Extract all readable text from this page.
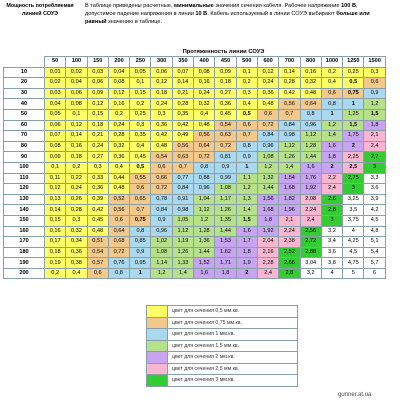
Мощность потребляемая линией СОУЭ
В таблице приведены расчетные, минимальные значения сечения кабеля. Рабочее напряжение 100 В, допустимое падение напряжения в линии 10 В. Кабель используемый в линии СОУЭ выбирают больше или равный значению в таблице.
Протяженность линии СОУЭ
	50	100	150	200	250	300	350	400	450	500	600	700	800	1000	1250	1500
10	0,01	0,02	0,03	0,04	0,05	0,06	0,07	0,08	0,09	0,1	0,12	0,14	0,16	0,2	0,25	0,3
20	0,02	0,04	0,06	0,08	0,1	0,12	0,14	0,16	0,18	0,2	0,24	0,28	0,32	0,4	0,5	0,6
30	0,03	0,06	0,09	0,12	0,15	0,18	0,21	0,24	0,27	0,3	0,36	0,42	0,48	0,6	0,75	0,9
40	0,04	0,08	0,12	0,16	0,2	0,24	0,28	0,32	0,36	0,4	0,48	0,56	0,64	0,8	1	1,2
50	0,05	0,1	0,15	0,2	0,25	0,3	0,35	0,4	0,45	0,5	0,6	0,7	0,8	1	1,25	1,5
60	0,06	0,12	0,18	0,24	0,3	0,36	0,42	0,48	0,54	0,6	0,72	0,84	0,96	1,2	1,5	1,8
70	0,07	0,14	0,21	0,28	0,35	0,42	0,49	0,56	0,63	0,7	0,84	0,98	1,12	1,4	1,75	2,1
80	0,08	0,16	0,24	0,32	0,4	0,48	0,56	0,64	0,72	0,8	0,96	1,12	1,28	1,6	2	2,4
90	0,09	0,18	0,27	0,36	0,45	0,54	0,63	0,72	0,81	0,9	1,08	1,26	1,44	1,8	2,25	2,7
100	0,1	0,2	0,3	0,4	0,5	0,6	0,7	0,8	0,9	1	1,2	1,4	1,6	2	2,5	3
110	0,11	0,22	0,33	0,44	0,55	0,66	0,77	0,88	0,99	1,1	1,32	1,54	1,76	2,2	2,75	3,3
120	0,12	0,24	0,36	0,48	0,6	0,72	0,84	0,96	1,08	1,2	1,44	1,68	1,92	2,4	3	3,6
130	0,13	0,26	0,39	0,52	0,65	0,78	0,91	1,04	1,17	1,3	1,56	1,82	2,08	2,6	3,25	3,9
140	0,14	0,28	0,42	0,56	0,7	0,84	0,98	1,12	1,26	1,4	1,68	1,96	2,24	2,8	3,5	4,2
150	0,15	0,3	0,45	0,6	0,75	0,9	1,05	1,2	1,35	1,5	1,8	2,1	2,4	3	3,75	4,5
160	0,16	0,32	0,48	0,64	0,8	0,96	1,12	1,28	1,44	1,6	1,92	2,24	2,56	3,2	4	4,8
170	0,17	0,34	0,51	0,68	0,85	1,02	1,19	1,36	1,53	1,7	2,04	2,38	2,72	3,4	4,25	5,1
180	0,18	0,36	0,54	0,72	0,9	1,08	1,26	1,44	1,62	1,8	2,16	2,52	2,88	3,6	4,5	5,4
190	0,19	0,38	0,57	0,76	0,95	1,14	1,33	1,52	1,71	1,9	2,28	2,66	3,04	3,8	4,75	5,7
200	0,2	0,4	0,6	0,8	1	1,2	1,4	1,6	1,8	2	2,4	2,8	3,2	4	5	6
цвет для сечения 0,5 мм.кв.
цвет для сечения 0,75 мм.кв.
цвет для сечения 1 мм.кв.
цвет для сечения 1,5 мм.кв.
цвет для сечения 2 мм.кв.
цвет для сечения 2,5 мм.кв.
цвет для сечения 3 мм.кв.
gunner.at.ua
